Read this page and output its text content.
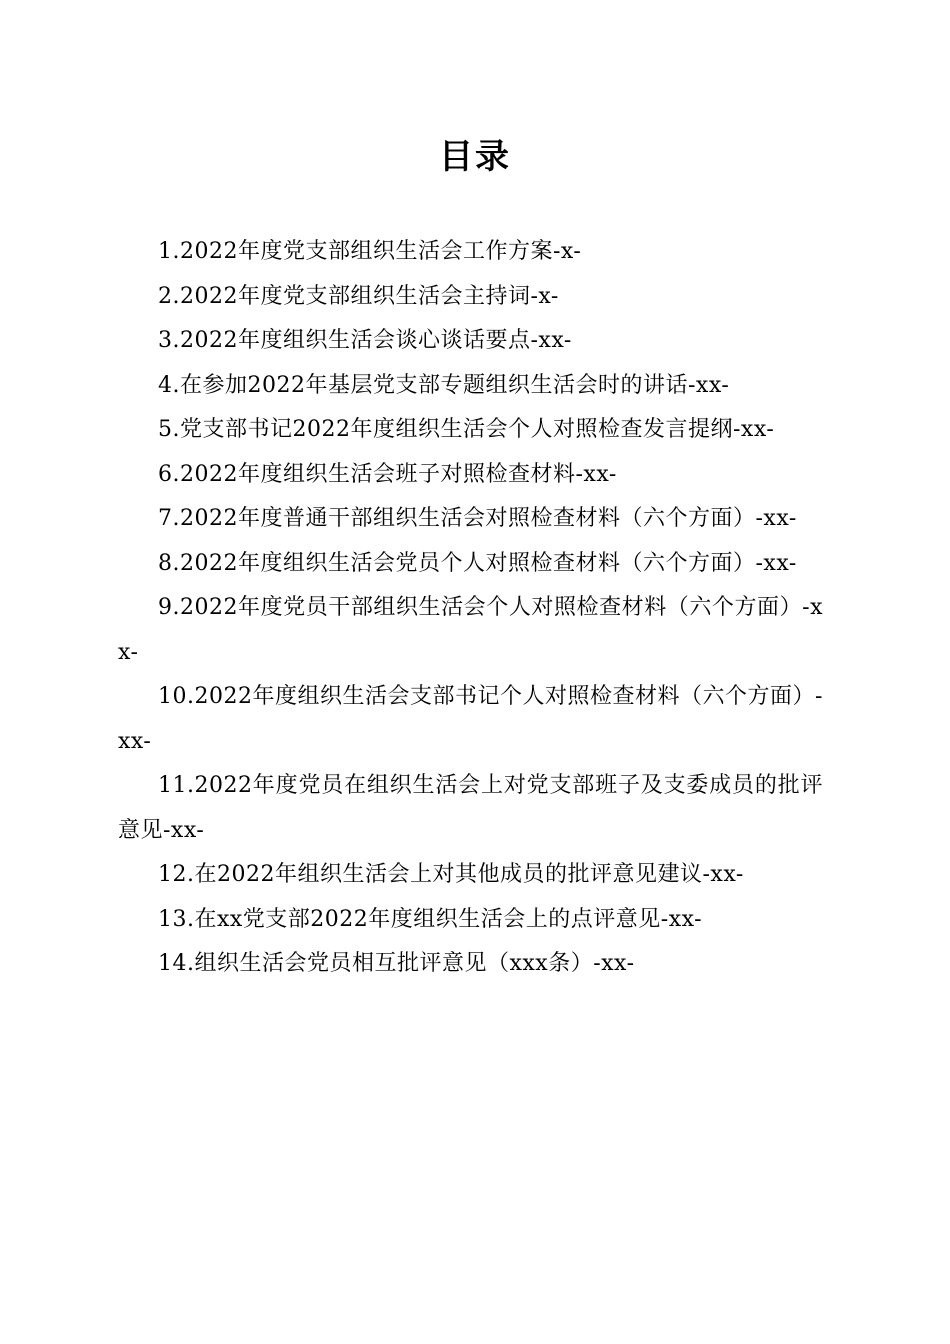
目录
1.2022年度党支部组织生活会工作方案-x-
2.2022年度党支部组织生活会主持词-x-
3.2022年度组织生活会谈心谈话要点-xx-
4.在参加2022年基层党支部专题组织生活会时的讲话-xx-
5.党支部书记2022年度组织生活会个人对照检查发言提纲-xx-
6.2022年度组织生活会班子对照检查材料-xx-
7.2022年度普通干部组织生活会对照检查材料（六个方面）-xx-
8.2022年度组织生活会党员个人对照检查材料（六个方面）-xx-
9.2022年度党员干部组织生活会个人对照检查材料（六个方面）-xx-
10.2022年度组织生活会支部书记个人对照检查材料（六个方面）-xx-
11.2022年度党员在组织生活会上对党支部班子及支委成员的批评意见-xx-
12.在2022年组织生活会上对其他成员的批评意见建议-xx-
13.在xx党支部2022年度组织生活会上的点评意见-xx-
14.组织生活会党员相互批评意见（xxx条）-xx-
